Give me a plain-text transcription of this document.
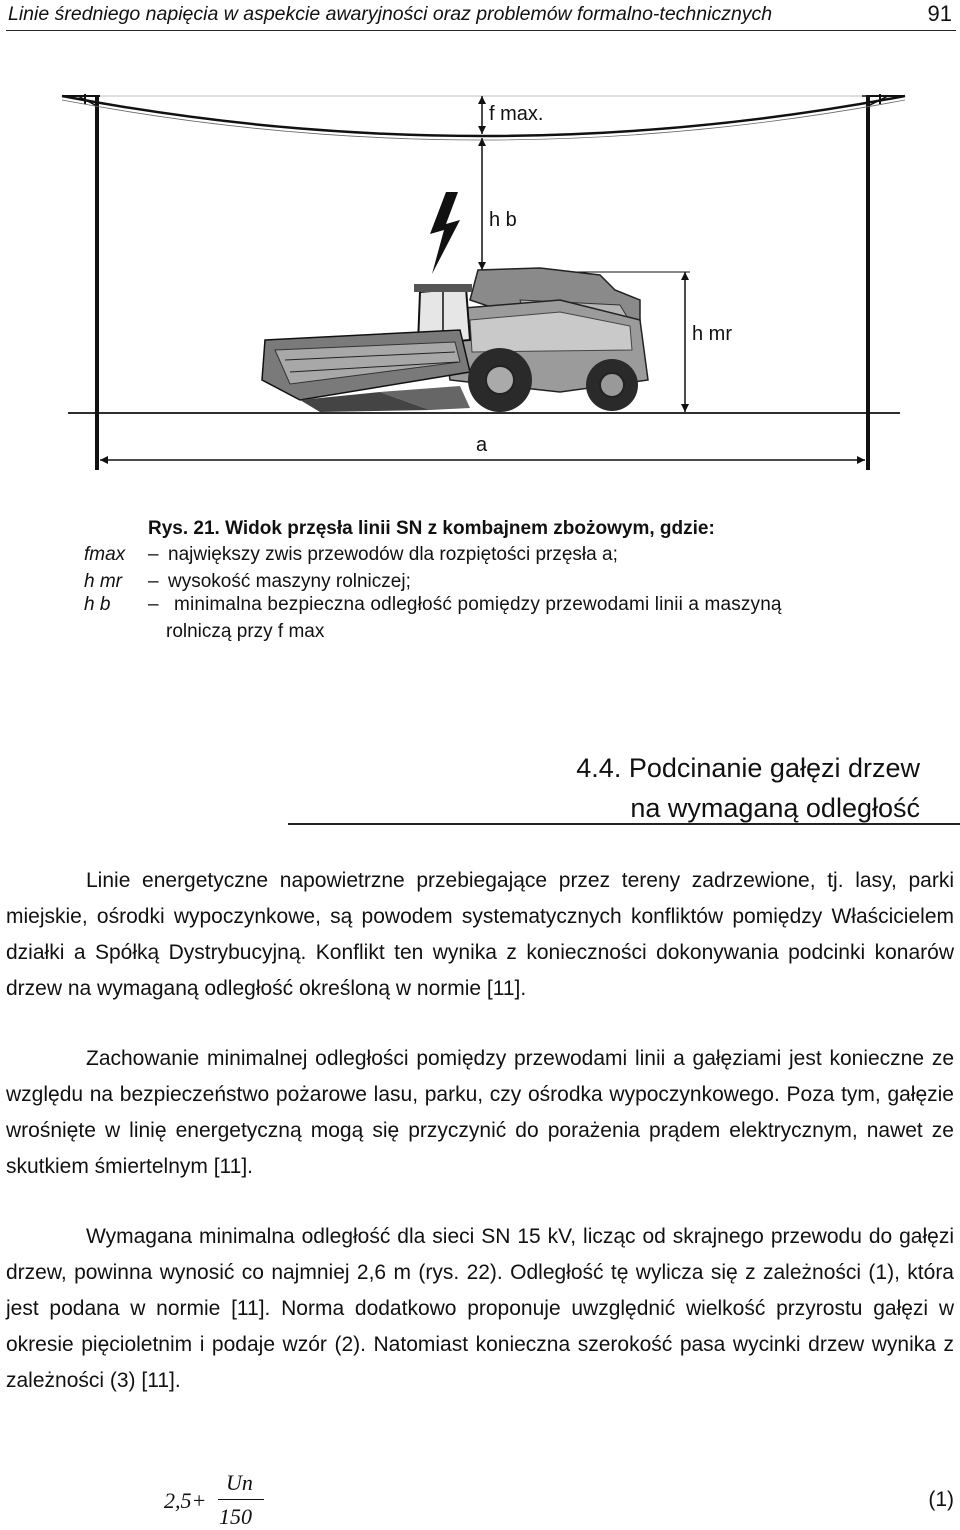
Linie średniego napięcia w aspekcie awaryjności oraz problemów formalno-technicznych	91
f max.
h b
h mr
a
Rys. 21. Widok przęsła linii SN z kombajnem zbożowym, gdzie:
fmax – największy zwis przewodów dla rozpiętości przęsła a;
h mr – wysokość maszyny rolniczej;
h b – minimalna bezpieczna odległość pomiędzy przewodami linii a maszyną
rolniczą przy f max
4.4. Podcinanie gałęzi drzew
na wymaganą odległość

Linie energetyczne napowietrzne przebiegające przez tereny zadrzewione, tj. lasy, parki miejskie, ośrodki wypoczynkowe, są powodem systematycznych konfliktów pomiędzy Właścicielem działki a Spółką Dystrybucyjną. Konflikt ten wynika z konieczności dokonywania podcinki konarów drzew na wymaganą odległość określoną w normie [11].

Zachowanie minimalnej odległości pomiędzy przewodami linii a gałęziami jest konieczne ze względu na bezpieczeństwo pożarowe lasu, parku, czy ośrodka wypoczynkowego. Poza tym, gałęzie wrośnięte w linię energetyczną mogą się przyczynić do porażenia prądem elektrycznym, nawet ze skutkiem śmiertelnym [11].

Wymagana minimalna odległość dla sieci SN 15 kV, licząc od skrajnego przewodu do gałęzi drzew, powinna wynosić co najmniej 2,6 m (rys. 22). Odległość tę wylicza się z zależności (1), która jest podana w normie [11]. Norma dodatkowo proponuje uwzględnić wielkość przyrostu gałęzi w okresie pięcioletnim i podaje wzór (2). Natomiast konieczna szerokość pasa wycinki drzew wynika z zależności (3) [11].

2,5+
Un
150
(1)
